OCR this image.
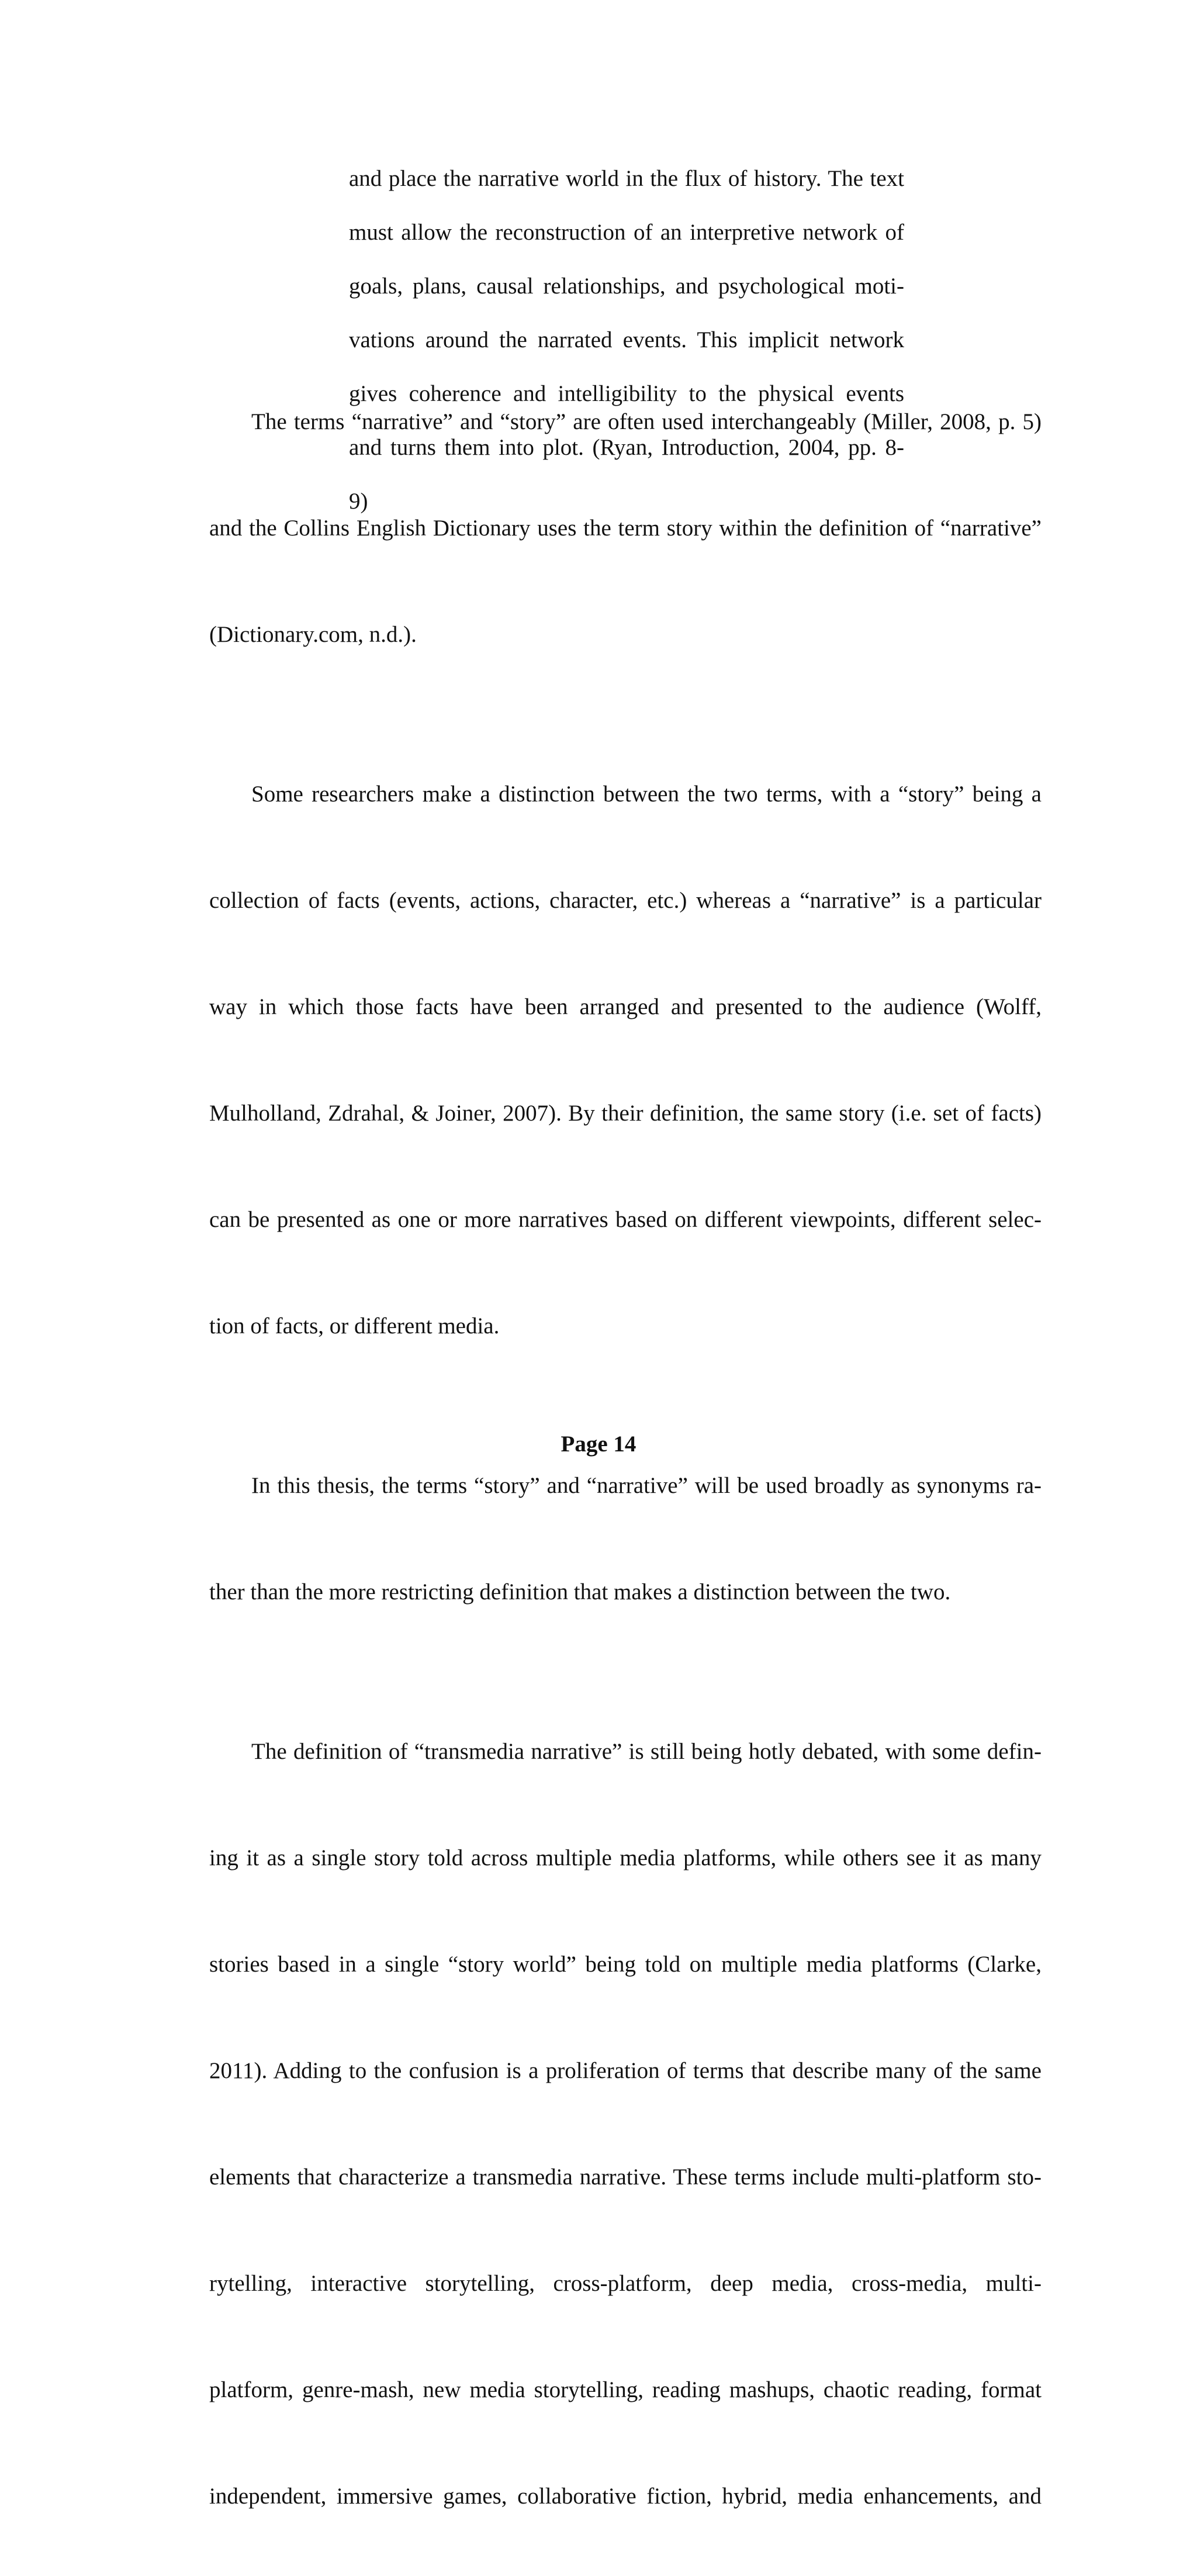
and place the narrative world in the flux of history. The text

must allow the reconstruction of an interpretive network of

goals, plans, causal relationships, and psychological moti-

vations around the narrated events. This implicit network

gives coherence and intelligibility to the physical events

and turns them into plot. (Ryan, Introduction, 2004, pp. 8-

9)

The terms “narrative” and “story” are often used interchangeably (Miller, 2008, p. 5)

and the Collins English Dictionary uses the term story within the definition of “narrative”

(Dictionary.com, n.d.).

Some researchers make a distinction between the two terms, with a “story” being a

collection of facts (events, actions, character, etc.) whereas a “narrative” is a particular

way in which those facts have been arranged and presented to the audience (Wolff,

Mulholland, Zdrahal, & Joiner, 2007). By their definition, the same story (i.e. set of facts)

can be presented as one or more narratives based on different viewpoints, different selec-

tion of facts, or different media.

In this thesis, the terms “story” and “narrative” will be used broadly as synonyms ra-

ther than the more restricting definition that makes a distinction between the two.

The definition of “transmedia narrative” is still being hotly debated, with some defin-

ing it as a single story told across multiple media platforms, while others see it as many

stories based in a single “story world” being told on multiple media platforms (Clarke,

2011). Adding to the confusion is a proliferation of terms that describe many of the same

elements that characterize a transmedia narrative. These terms include multi-platform sto-

rytelling, interactive storytelling, cross-platform, deep media, cross-media, multi-

platform, genre-mash, new media storytelling, reading mashups, chaotic reading, format

independent, immersive games, collaborative fiction, hybrid, media enhancements, and

Page 14
